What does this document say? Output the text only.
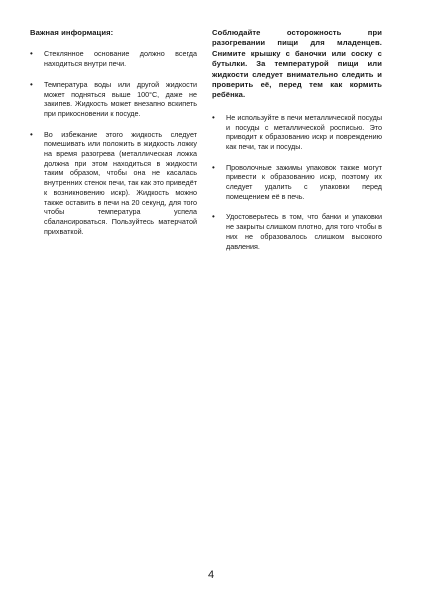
Важная информация:

• Стеклянное основание должно всегда находиться внутри печи.
• Температура воды или другой жидкости может подняться выше 100°C, даже не закипев. Жидкость может внезапно вскипеть при прикосновении к посуде.
• Во избежание этого жидкость следует помешивать или положить в жидкость ложку на время разогрева (металлическая ложка должна при этом находиться в жидкости таким образом, чтобы она не касалась внутренних стенок печи, так как это приведёт к возникновению искр). Жидкость можно также оставить в печи на 20 секунд, для того чтобы температура успела сбалансироваться. Пользуйтесь матерчатой прихваткой.

Соблюдайте осторожность при разогревании пищи для младенцев. Снимите крышку с баночки или соску с бутылки. За температурой пищи или жидкости следует внимательно следить и проверить её, перед тем как кормить ребёнка.

• Не используйте в печи металлической посуды и посуды с металлической росписью. Это приводит к образованию искр и повреждению как печи, так и посуды.
• Проволочные зажимы упаковок также могут привести к образованию искр, поэтому их следует удалить с упаковки перед помещением её в печь.
• Удостоверьтесь в том, что банки и упаковки не закрыты слишком плотно, для того чтобы в них не образовалось слишком высокого давления.
4
